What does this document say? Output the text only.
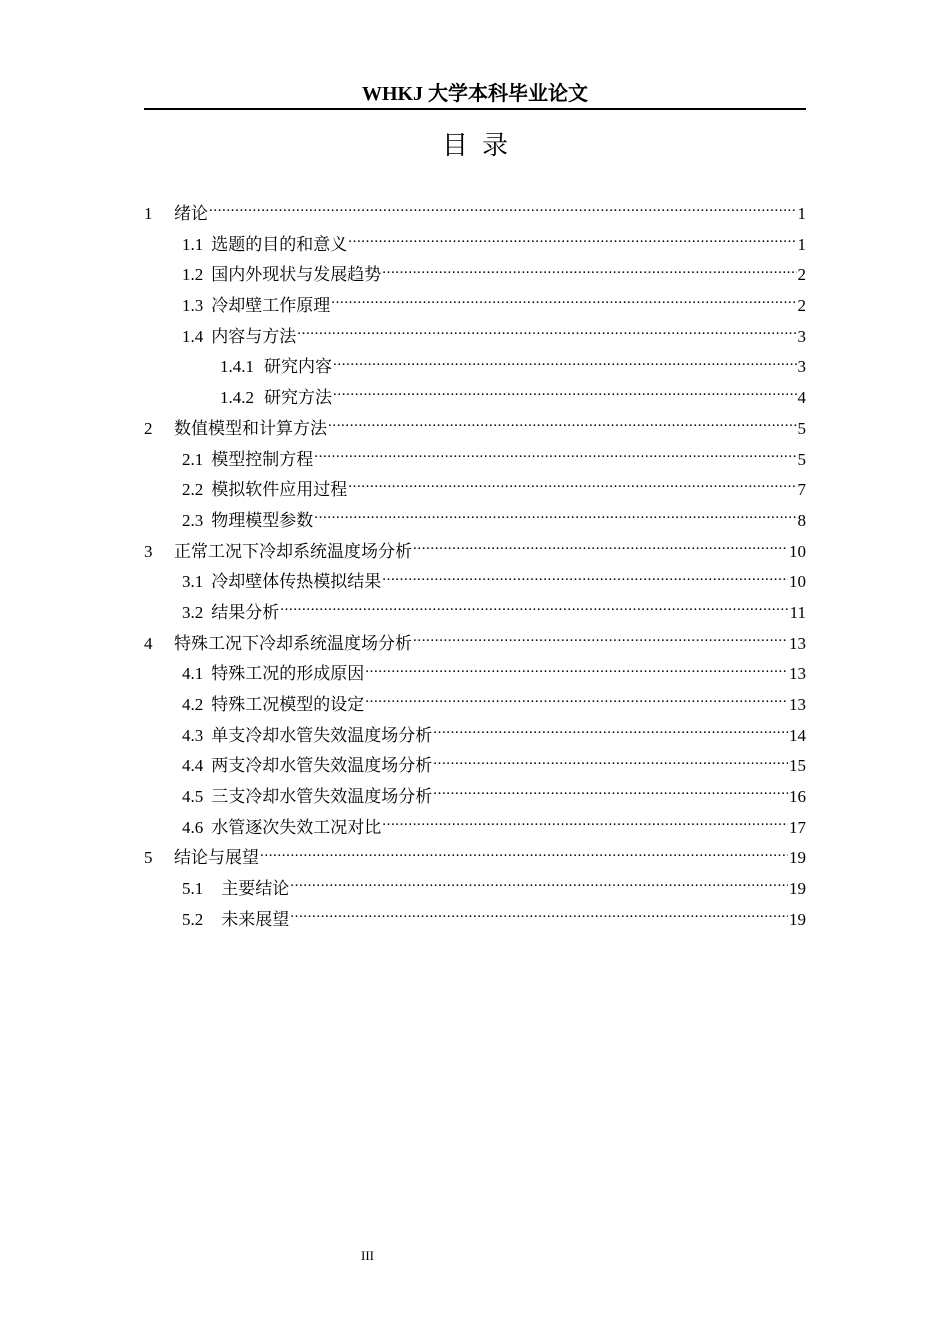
WHKJ 大学本科毕业论文
目录
1	绪论 .....	1
1.1 选题的目的和意义 .....	1
1.2 国内外现状与发展趋势 .....	2
1.3 冷却壁工作原理 .....	2
1.4 内容与方法 .....	3
1.4.1 研究内容 .....	3
1.4.2 研究方法 .....	4
2	数值模型和计算方法 .....	5
2.1 模型控制方程 .....	5
2.2 模拟软件应用过程 .....	7
2.3 物理模型参数 .....	8
3	正常工况下冷却系统温度场分析 .....	10
3.1 冷却壁体传热模拟结果 .....	10
3.2 结果分析 .....	11
4	特殊工况下冷却系统温度场分析 .....	13
4.1 特殊工况的形成原因 .....	13
4.2 特殊工况模型的设定 .....	13
4.3 单支冷却水管失效温度场分析 .....	14
4.4 两支冷却水管失效温度场分析 .....	15
4.5 三支冷却水管失效温度场分析 .....	16
4.6 水管逐次失效工况对比 .....	17
5	结论与展望 .....	19
5.1	主要结论 .....	19
5.2	未来展望 .....	19
III
